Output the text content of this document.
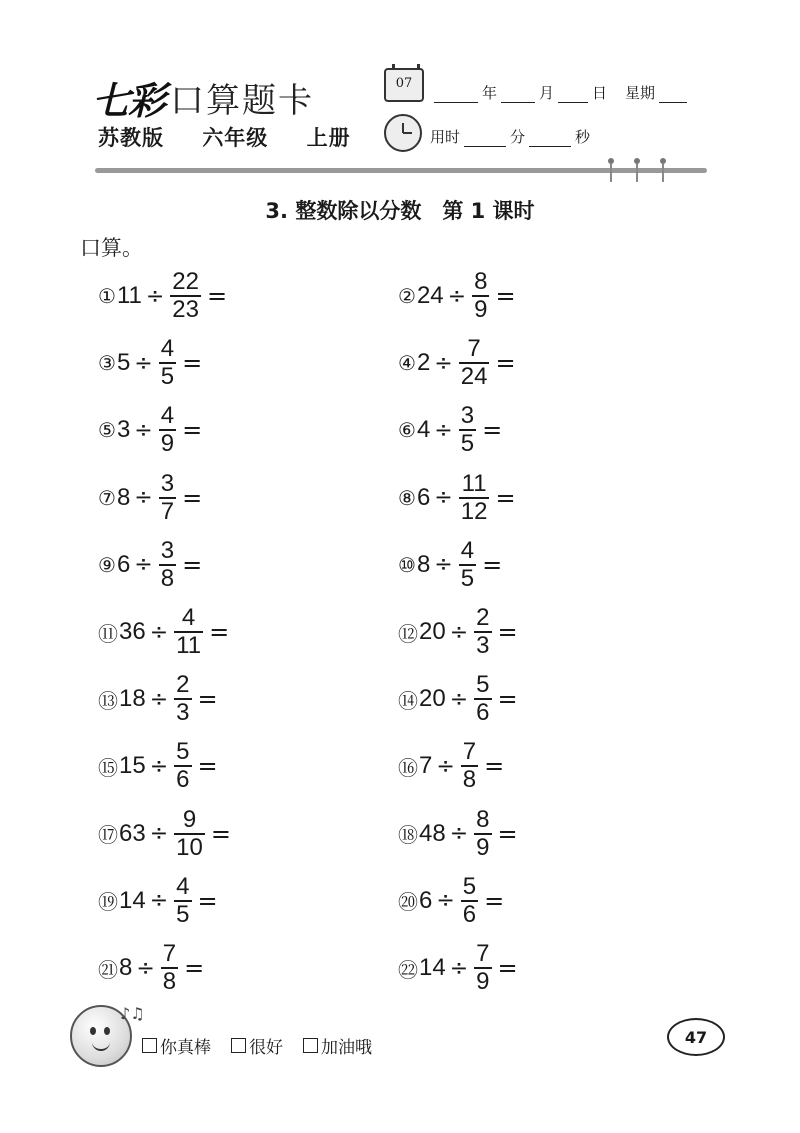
七彩 口算题卡
苏教版 六年级 上册
07
年	月	日 星期
用时	分	秒
3. 整数除以分数　第 1 课时
口算。
① $11 \div \frac{22}{23}$ =	② $24 \div \frac{8}{9}$ =
③ $5 \div \frac{4}{5}$ =	④ $2 \div \frac{7}{24}$ =
⑤ $3 \div \frac{4}{9}$ =	⑥ $4 \div \frac{3}{5}$ =
⑦ $8 \div \frac{3}{7}$ =	⑧ $6 \div \frac{11}{12}$ =
⑨ $6 \div \frac{3}{8}$ =	⑩ $8 \div \frac{4}{5}$ =
⑪ $36 \div \frac{4}{11}$ =	⑫ $20 \div \frac{2}{3}$ =
⑬ $18 \div \frac{2}{3}$ =	⑭ $20 \div \frac{5}{6}$ =
⑮ $15 \div \frac{5}{6}$ =	⑯ $7 \div \frac{7}{8}$ =
⑰ $63 \div \frac{9}{10}$ =	⑱ $48 \div \frac{8}{9}$ =
⑲ $14 \div \frac{4}{5}$ =	⑳ $6 \div \frac{5}{6}$ =
㉑ $8 \div \frac{7}{8}$ =	㉒ $14 \div \frac{7}{9}$ =
♪♫
你真棒 很好 加油哦
47
